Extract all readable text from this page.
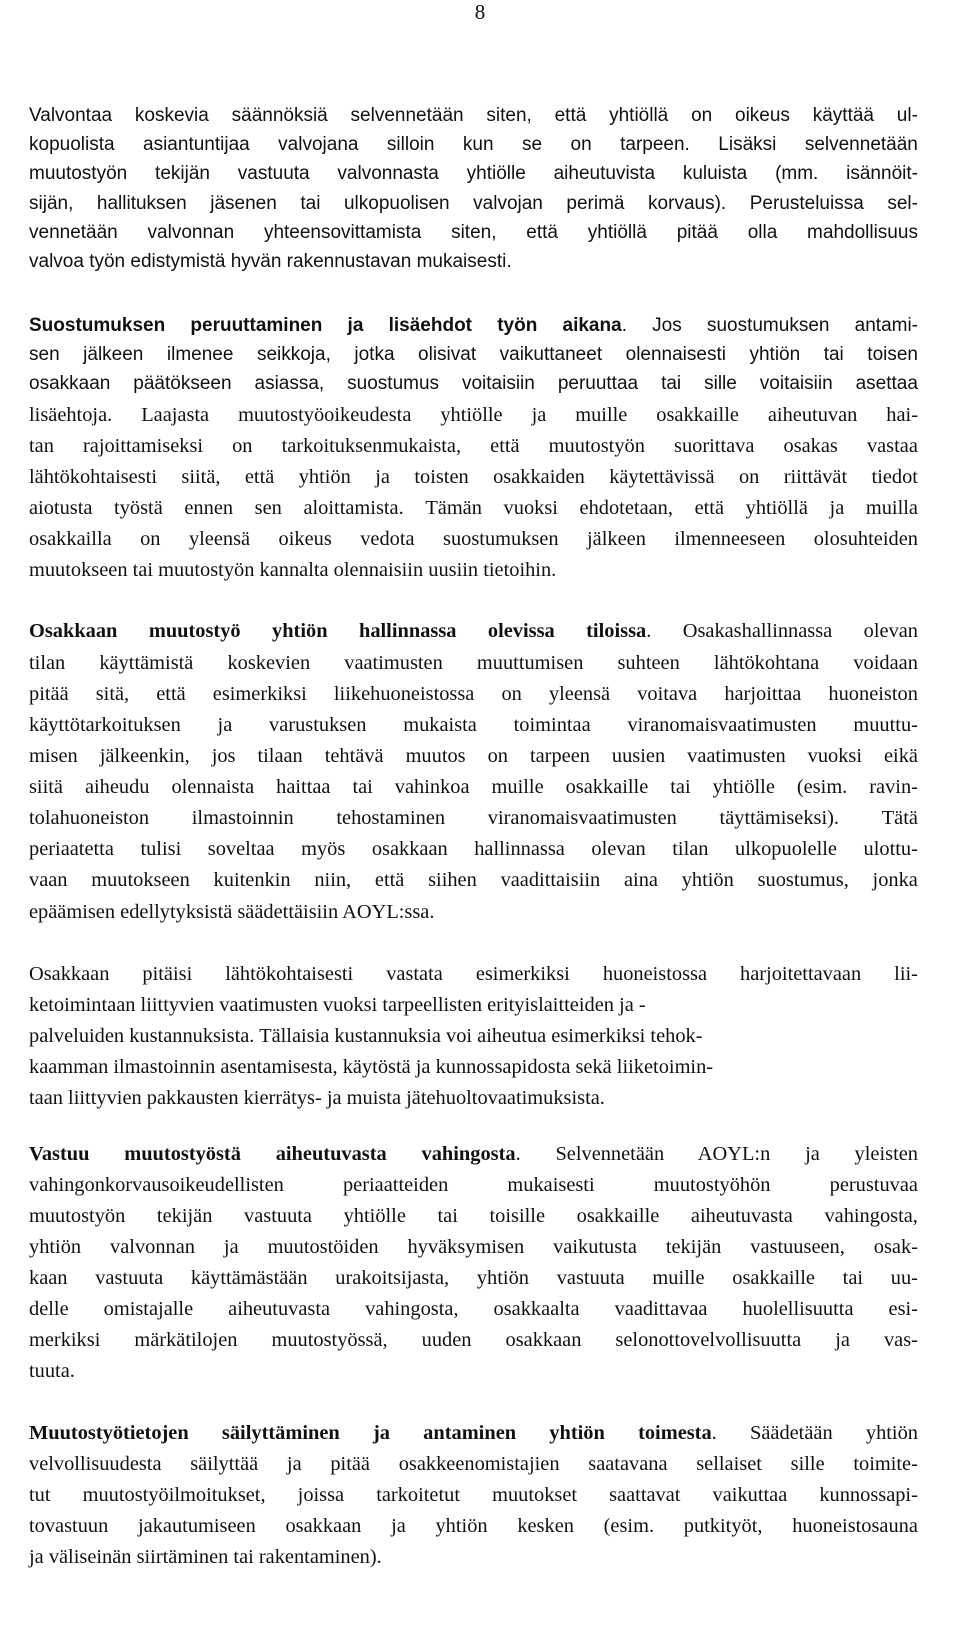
8
Valvontaa koskevia säännöksiä selvennetään siten, että yhtiöllä on oikeus käyttää ul-
kopuolista asiantuntijaa valvojana silloin kun se on tarpeen. Lisäksi selvennetään
muutostyön tekijän vastuuta valvonnasta yhtiölle aiheutuvista kuluista (mm. isännöit-
sijän, hallituksen jäsenen tai ulkopuolisen valvojan perimä korvaus). Perusteluissa sel-
vennetään valvonnan yhteensovittamista siten, että yhtiöllä pitää olla mahdollisuus
valvoa työn edistymistä hyvän rakennustavan mukaisesti.
Suostumuksen peruuttaminen ja lisäehdot työn aikana. Jos suostumuksen antami-
sen jälkeen ilmenee seikkoja, jotka olisivat vaikuttaneet olennaisesti yhtiön tai toisen
osakkaan päätökseen asiassa, suostumus voitaisiin peruuttaa tai sille voitaisiin asettaa
lisäehtoja. Laajasta muutostyöoikeudesta yhtiölle ja muille osakkaille aiheutuvan hai-
tan rajoittamiseksi on tarkoituksenmukaista, että muutostyön suorittava osakas vastaa
lähtökohtaisesti siitä, että yhtiön ja toisten osakkaiden käytettävissä on riittävät tiedot
aiotusta työstä ennen sen aloittamista. Tämän vuoksi ehdotetaan, että yhtiöllä ja muilla
osakkailla on yleensä oikeus vedota suostumuksen jälkeen ilmenneeseen olosuhteiden
muutokseen tai muutostyön kannalta olennaisiin uusiin tietoihin.
Osakkaan muutostyö yhtiön hallinnassa olevissa tiloissa. Osakashallinnassa olevan
tilan käyttämistä koskevien vaatimusten muuttumisen suhteen lähtökohtana voidaan
pitää sitä, että esimerkiksi liikehuoneistossa on yleensä voitava harjoittaa huoneiston
käyttötarkoituksen ja varustuksen mukaista toimintaa viranomaisvaatimusten muuttu-
misen jälkeenkin, jos tilaan tehtävä muutos on tarpeen uusien vaatimusten vuoksi eikä
siitä aiheudu olennaista haittaa tai vahinkoa muille osakkaille tai yhtiölle (esim. ravin-
tolahuoneiston ilmastoinnin tehostaminen viranomaisvaatimusten täyttämiseksi). Tätä
periaatetta tulisi soveltaa myös osakkaan hallinnassa olevan tilan ulkopuolelle ulottu-
vaan muutokseen kuitenkin niin, että siihen vaadittaisiin aina yhtiön suostumus, jonka
epäämisen edellytyksistä säädettäisiin AOYL:ssa.
Osakkaan pitäisi lähtökohtaisesti vastata esimerkiksi huoneistossa harjoitettavaan lii-
ketoimintaan liittyvien vaatimusten vuoksi tarpeellisten erityislaitteiden ja -
palveluiden kustannuksista. Tällaisia kustannuksia voi aiheutua esimerkiksi tehok-
kaamman ilmastoinnin asentamisesta, käytöstä ja kunnossapidosta sekä liiketoimin-
taan liittyvien pakkausten kierrätys- ja muista jätehuoltovaatimuksista.
Vastuu muutostyöstä aiheutuvasta vahingosta. Selvennetään AOYL:n ja yleisten
vahingonkorvausoikeudellisten	periaatteiden	mukaisesti	muutostyöhön	perustuvaa
muutostyön tekijän vastuuta yhtiölle tai toisille osakkaille aiheutuvasta vahingosta,
yhtiön valvonnan ja muutostöiden hyväksymisen vaikutusta tekijän vastuuseen, osak-
kaan vastuuta käyttämästään urakoitsijasta, yhtiön vastuuta muille osakkaille tai uu-
delle omistajalle aiheutuvasta vahingosta, osakkaalta vaadittavaa huolellisuutta esi-
merkiksi märkätilojen muutostyössä, uuden osakkaan selonottovelvollisuutta ja vas-
tuuta.
Muutostyötietojen säilyttäminen ja antaminen yhtiön toimesta. Säädetään yhtiön
velvollisuudesta säilyttää ja pitää osakkeenomistajien saatavana sellaiset sille toimite-
tut muutostyöilmoitukset, joissa tarkoitetut muutokset saattavat vaikuttaa kunnossapi-
tovastuun jakautumiseen osakkaan ja yhtiön kesken (esim. putkityöt, huoneistosauna
ja väliseinän siirtäminen tai rakentaminen).
